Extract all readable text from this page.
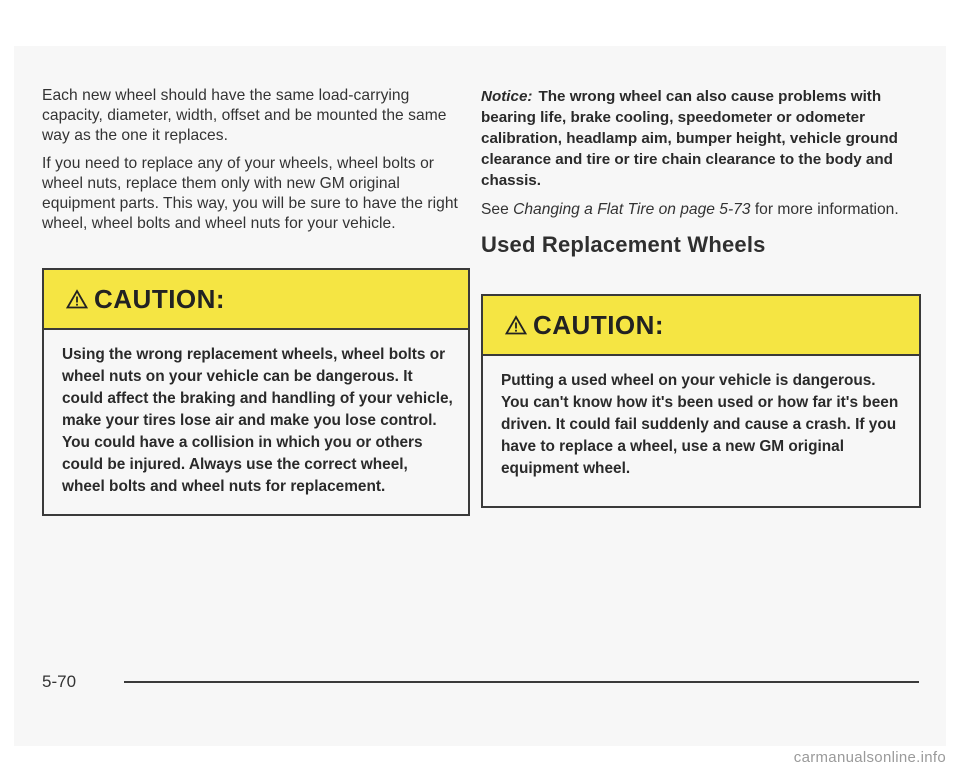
Each new wheel should have the same load-carrying capacity, diameter, width, offset and be mounted the same way as the one it replaces.

If you need to replace any of your wheels, wheel bolts or wheel nuts, replace them only with new GM original equipment parts. This way, you will be sure to have the right wheel, wheel bolts and wheel nuts for your vehicle.

CAUTION:
Using the wrong replacement wheels, wheel bolts or wheel nuts on your vehicle can be dangerous. It could affect the braking and handling of your vehicle, make your tires lose air and make you lose control. You could have a collision in which you or others could be injured. Always use the correct wheel, wheel bolts and wheel nuts for replacement.

Notice: The wrong wheel can also cause problems with bearing life, brake cooling, speedometer or odometer calibration, headlamp aim, bumper height, vehicle ground clearance and tire or tire chain clearance to the body and chassis.

See Changing a Flat Tire on page 5-73 for more information.
Used Replacement Wheels
CAUTION:
Putting a used wheel on your vehicle is dangerous. You can't know how it's been used or how far it's been driven. It could fail suddenly and cause a crash. If you have to replace a wheel, use a new GM original equipment wheel.
5-70
carmanualsonline.info
